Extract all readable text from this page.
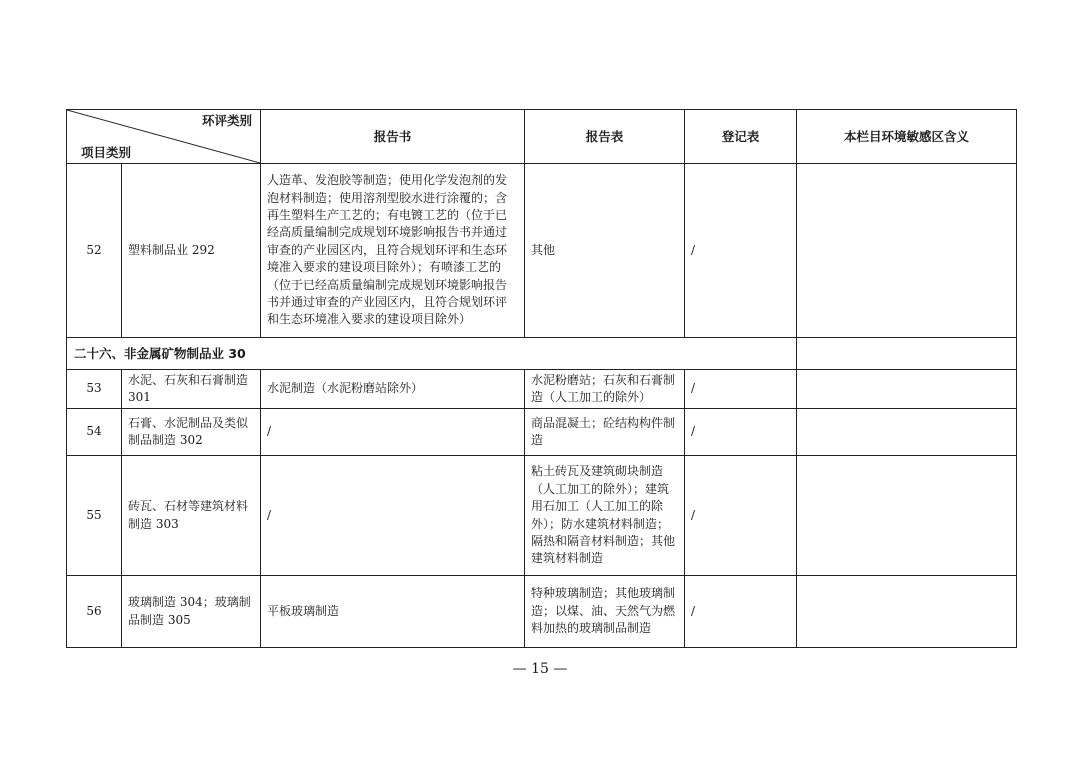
环评类别
项目类别		报告书	报告表	登记表	本栏目环境敏感区含义
52	塑料制品业 292	人造革、发泡胶等制造；使用化学发泡剂的发泡材料制造；使用溶剂型胶水进行涂覆的；含再生塑料生产工艺的；有电镀工艺的（位于已经高质量编制完成规划环境影响报告书并通过审查的产业园区内，且符合规划环评和生态环境准入要求的建设项目除外）；有喷漆工艺的（位于已经高质量编制完成规划环境影响报告书并通过审查的产业园区内，且符合规划环评和生态环境准入要求的建设项目除外）	其他	/	
二十六、非金属矿物制品业 30					
53	水泥、石灰和石膏制造 301	水泥制造（水泥粉磨站除外）	水泥粉磨站；石灰和石膏制造（人工加工的除外）	/	
54	石膏、水泥制品及类似制品制造 302	/	商品混凝土；砼结构构件制造	/	
55	砖瓦、石材等建筑材料制造 303	/	粘土砖瓦及建筑砌块制造（人工加工的除外）；建筑用石加工（人工加工的除外）；防水建筑材料制造；隔热和隔音材料制造；其他建筑材料制造	/	
56	玻璃制造 304；玻璃制品制造 305	平板玻璃制造	特种玻璃制造；其他玻璃制造；以煤、油、天然气为燃料加热的玻璃制品制造	/	
— 15 —
